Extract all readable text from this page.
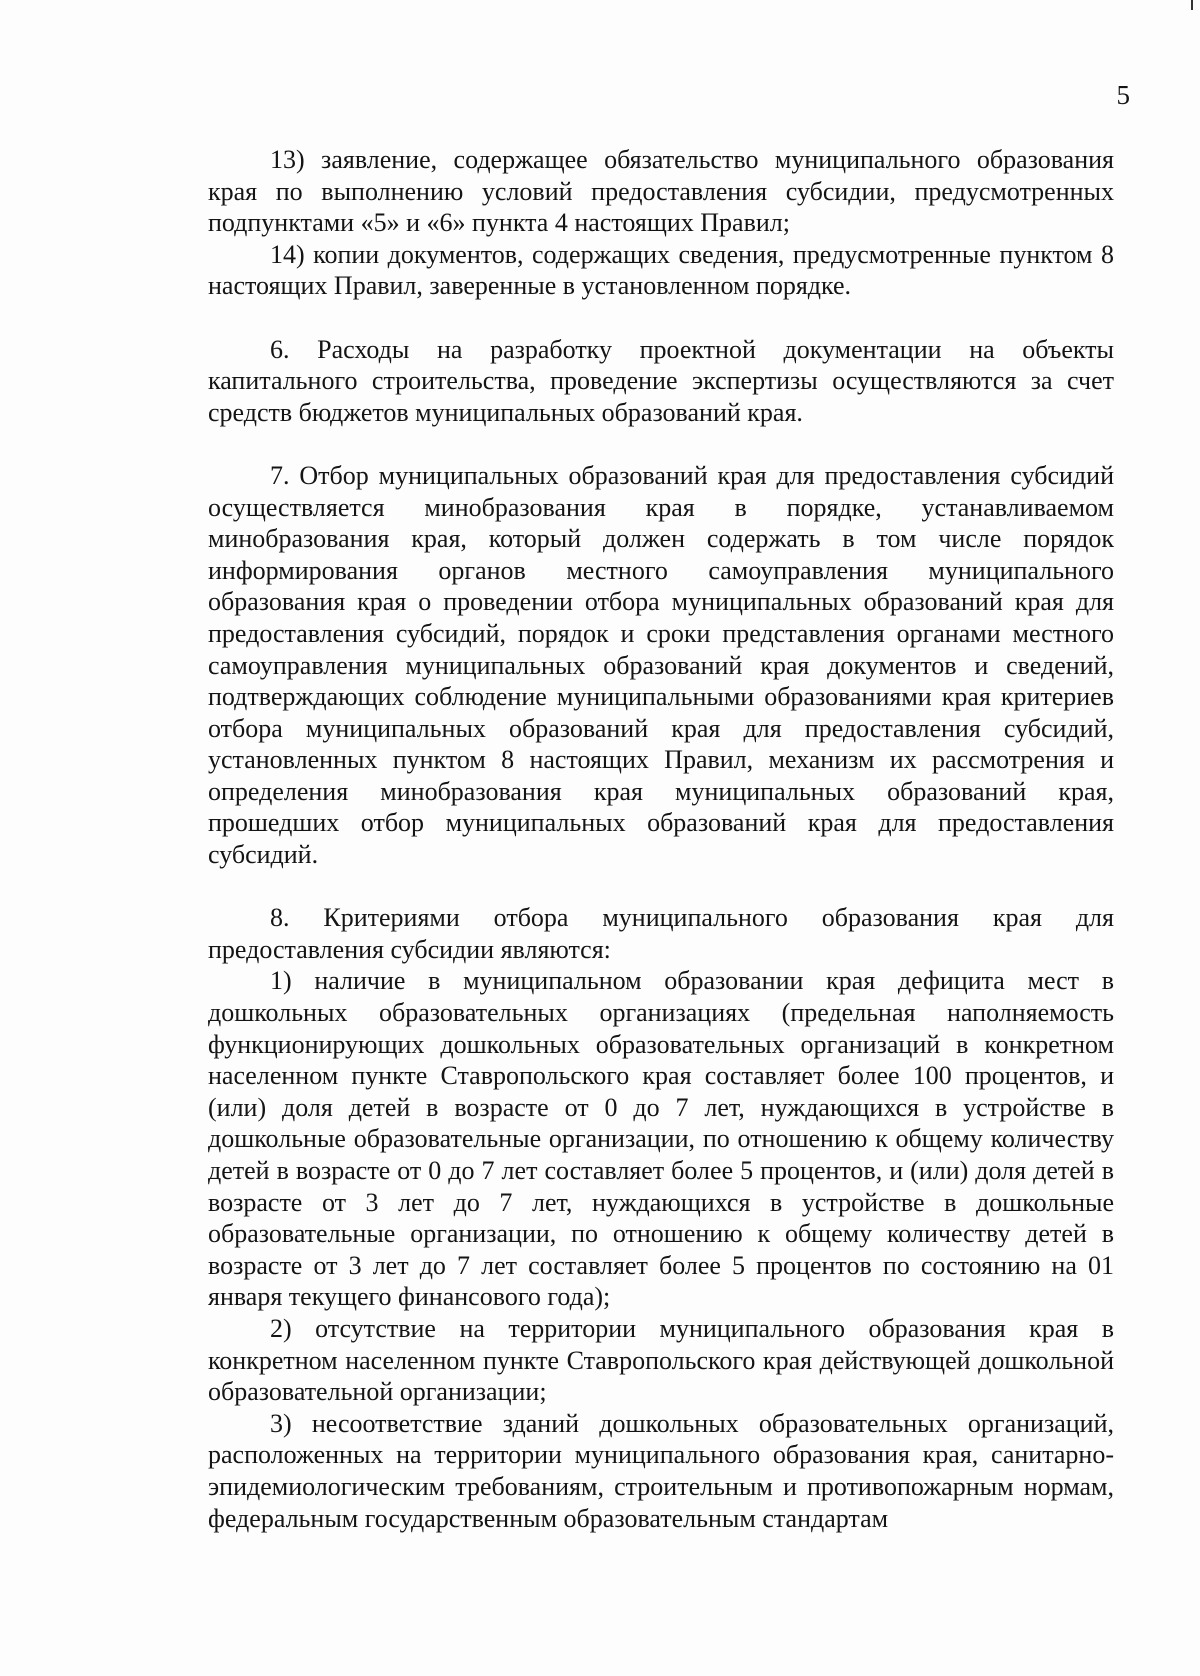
5

13) заявление, содержащее обязательство муниципального образования края по выполнению условий предоставления субсидии, предусмотренных подпунктами «5» и «6» пункта 4 настоящих Правил;

14) копии документов, содержащих сведения, предусмотренные пунктом 8 настоящих Правил, заверенные в установленном порядке.

6. Расходы на разработку проектной документации на объекты капитального строительства, проведение экспертизы осуществляются за счет средств бюджетов муниципальных образований края.

7. Отбор муниципальных образований края для предоставления субсидий осуществляется минобразования края в порядке, устанавливаемом минобразования края, который должен содержать в том числе порядок информирования органов местного самоуправления муниципального образования края о проведении отбора муниципальных образований края для предоставления субсидий, порядок и сроки представления органами местного самоуправления муниципальных образований края документов и сведений, подтверждающих соблюдение муниципальными образованиями края критериев отбора муниципальных образований края для предоставления субсидий, установленных пунктом 8 настоящих Правил, механизм их рассмотрения и определения минобразования края муниципальных образований края, прошедших отбор муниципальных образований края для предоставления субсидий.

8. Критериями отбора муниципального образования края для предоставления субсидии являются:

1) наличие в муниципальном образовании края дефицита мест в дошкольных образовательных организациях (предельная наполняемость функционирующих дошкольных образовательных организаций в конкретном населенном пункте Ставропольского края составляет более 100 процентов, и (или) доля детей в возрасте от 0 до 7 лет, нуждающихся в устройстве в дошкольные образовательные организации, по отношению к общему количеству детей в возрасте от 0 до 7 лет составляет более 5 процентов, и (или) доля детей в возрасте от 3 лет до 7 лет, нуждающихся в устройстве в дошкольные образовательные организации, по отношению к общему количеству детей в возрасте от 3 лет до 7 лет составляет более 5 процентов по состоянию на 01 января текущего финансового года);

2) отсутствие на территории муниципального образования края в конкретном населенном пункте Ставропольского края действующей дошкольной образовательной организации;

3) несоответствие зданий дошкольных образовательных организаций, расположенных на территории муниципального образования края, санитарно-эпидемиологическим требованиям, строительным и противопожарным нормам, федеральным государственным образовательным стандартам
